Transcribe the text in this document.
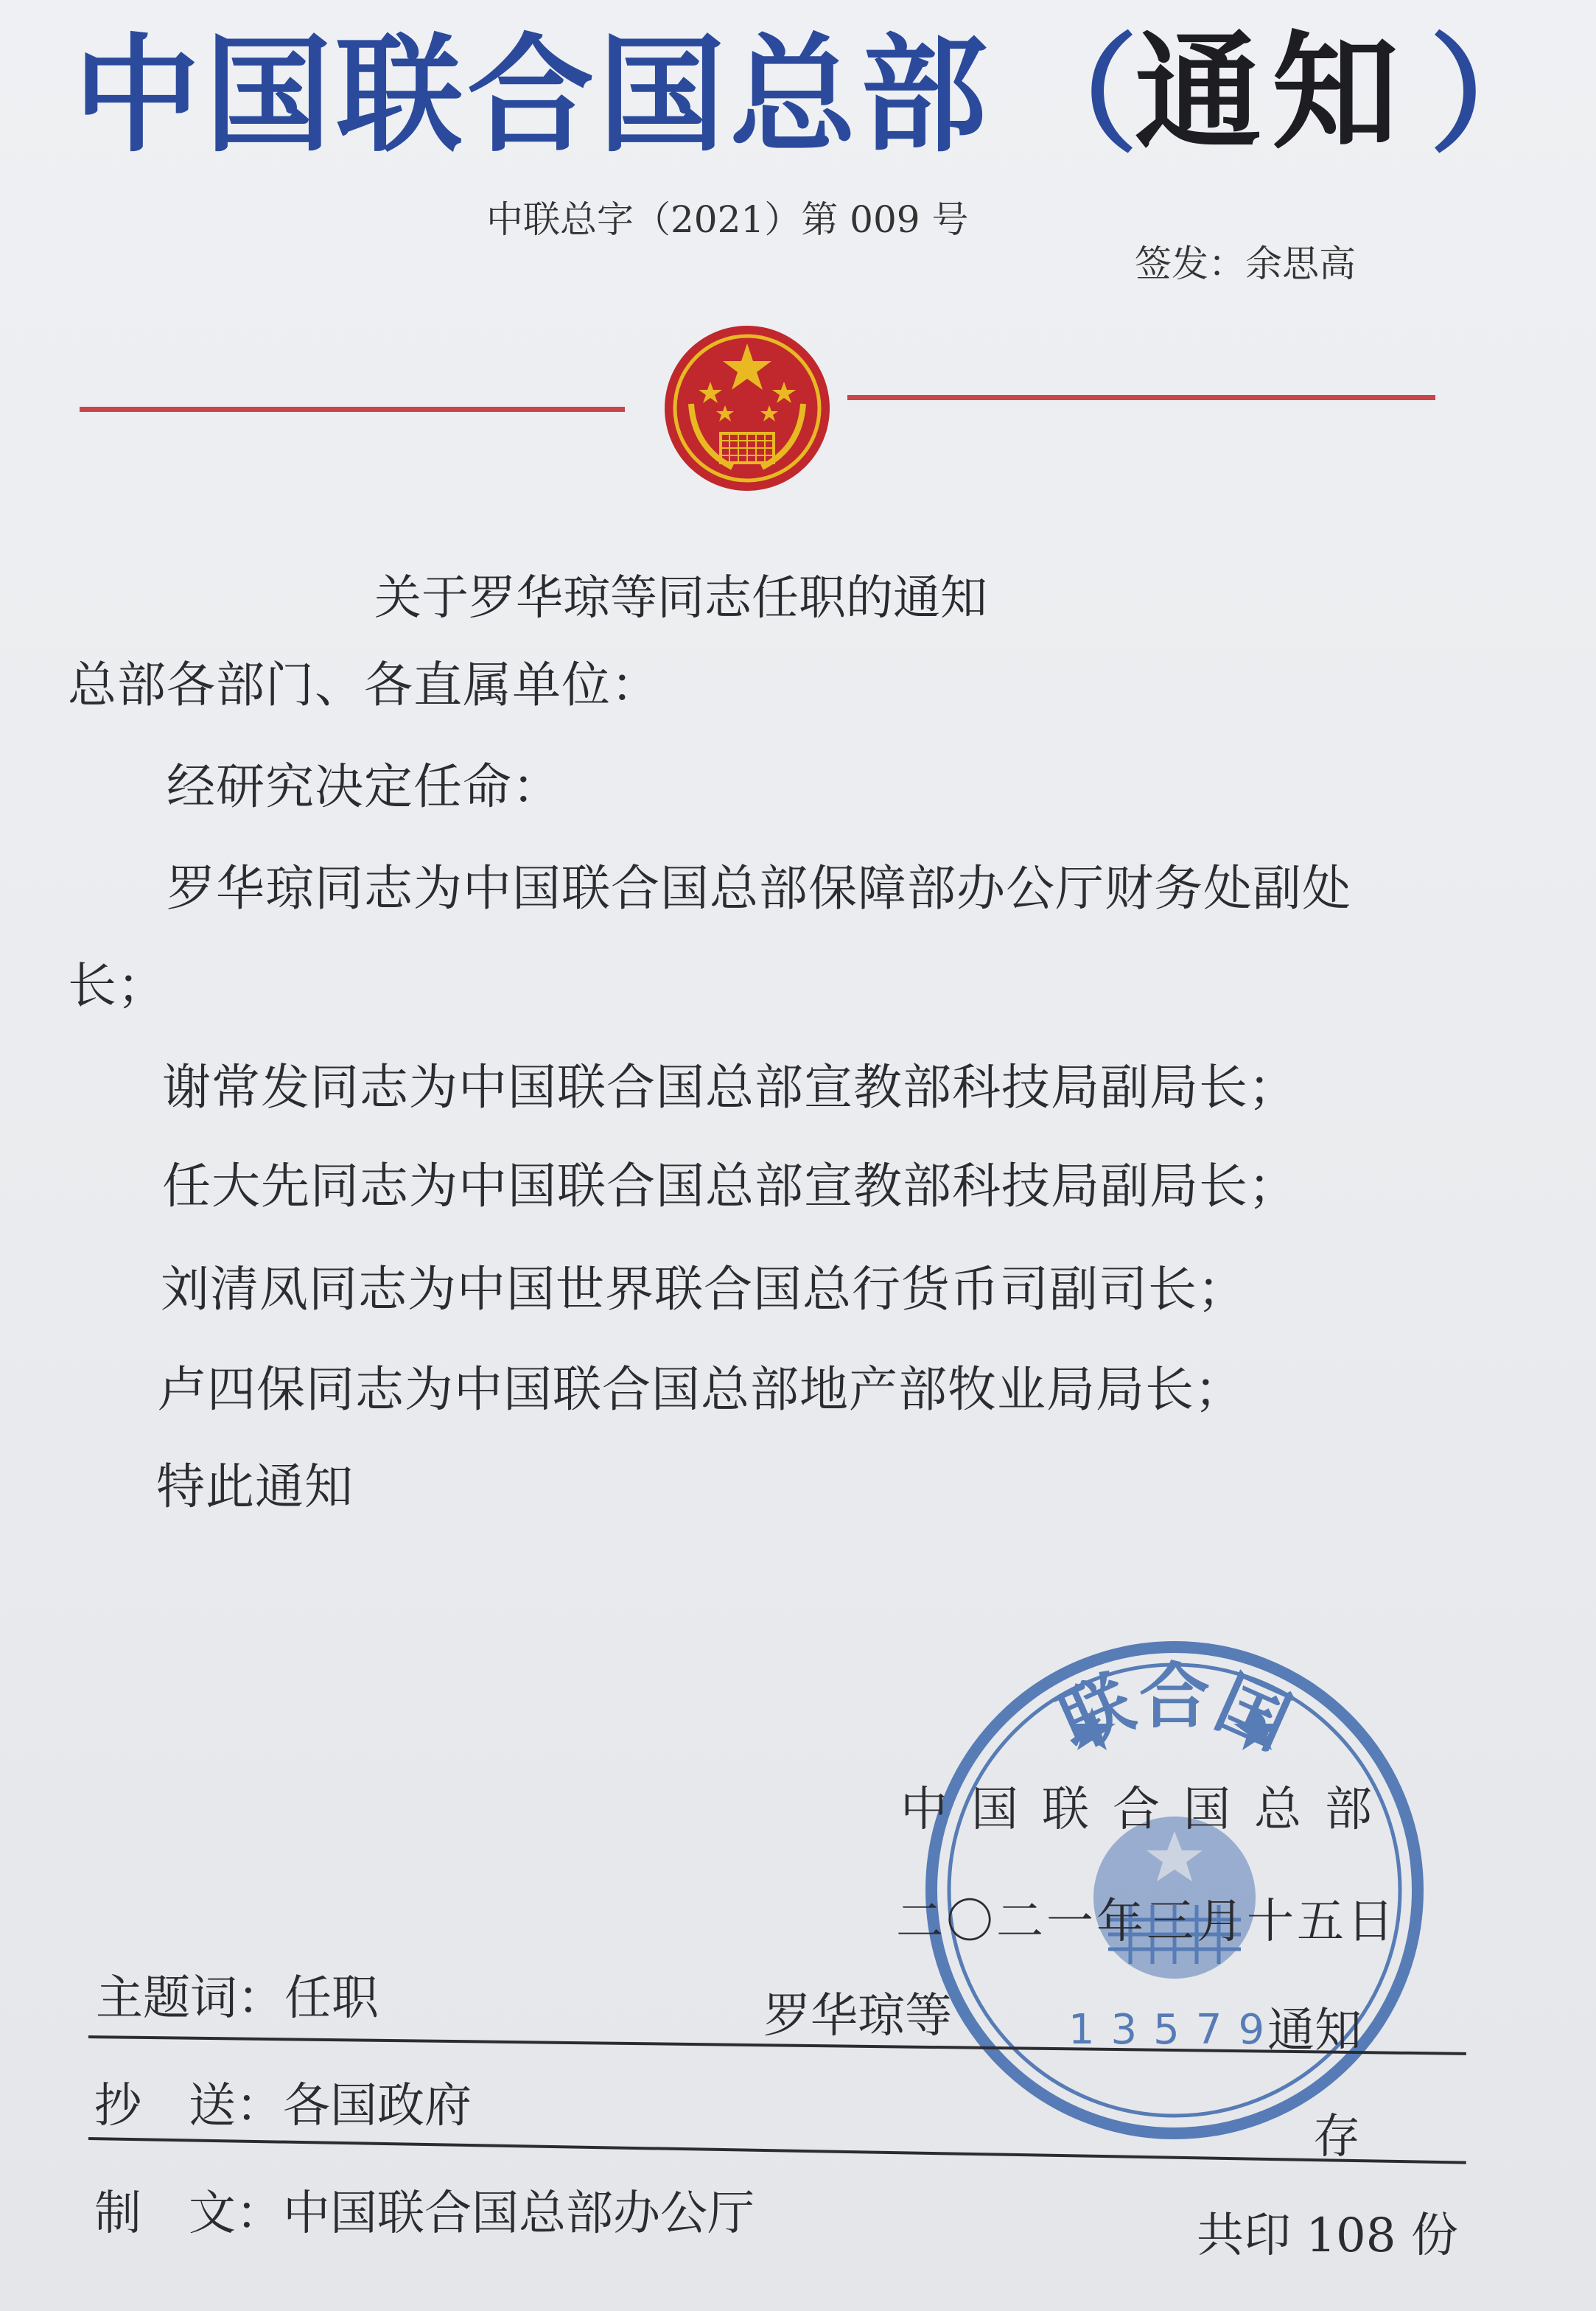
中国联合国总部 （
通知 ）
中联总字（2021）第 009 号
签发：余思高
关于罗华琼等同志任职的通知
总部各部门、各直属单位：
经研究决定任命：
罗华琼同志为中国联合国总部保障部办公厅财务处副处
长；
谢常发同志为中国联合国总部宣教部科技局副局长；
任大先同志为中国联合国总部宣教部科技局副局长；
刘清凤同志为中国世界联合国总行货币司副司长；
卢四保同志为中国联合国总部地产部牧业局局长；
特此通知
联合国
13579
中国联合国总部
二〇二一年三月十五日
主题词：任职	罗华琼等	通知
抄　送：各国政府
存
制　文：中国联合国总部办公厅	共印 108 份
